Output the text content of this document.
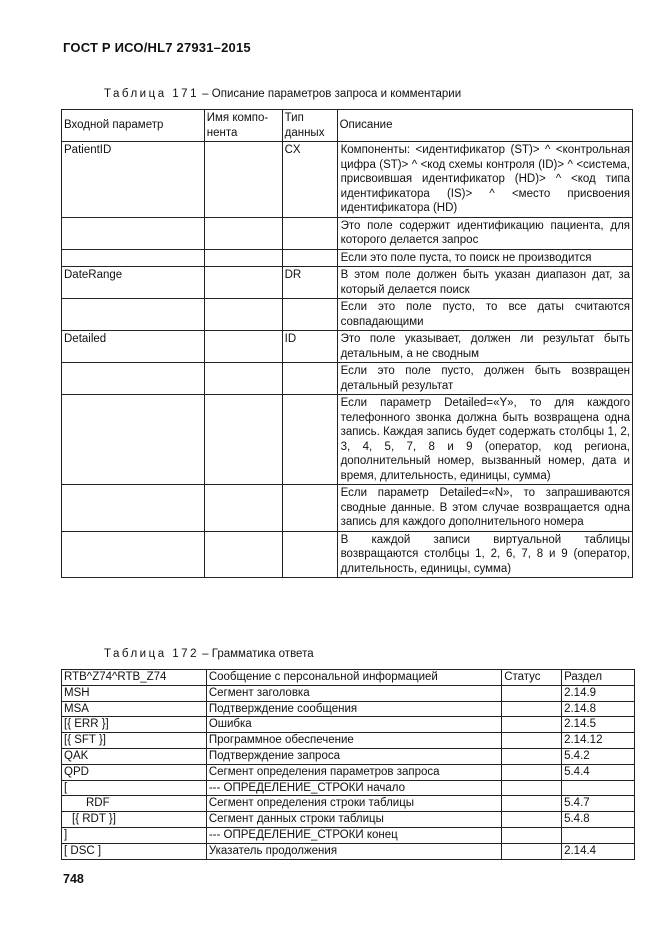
ГОСТ Р ИСО/HL7 27931–2015
Таблица 171 – Описание параметров запроса и комментарии
Входной параметр	Имя компо-нента	Тип данных	Описание
PatientID		CX	Компоненты: <идентификатор (ST)> ^ <контрольная цифра (ST)> ^ <код схемы контроля (ID)> ^ <система, присвоившая идентификатор (HD)> ^ <код типа идентификатора (IS)> ^ <место присвоения идентификатора (HD)
			Это поле содержит идентификацию пациента, для которого делается запрос
			Если это поле пуста, то поиск не производится
DateRange		DR	В этом поле должен быть указан диапазон дат, за который делается поиск
			Если это поле пусто, то все даты считаются совпадающими
Detailed		ID	Это поле указывает, должен ли результат быть детальным, а не сводным
			Если это поле пусто, должен быть возвращен детальный результат
			Если параметр Detailed=«Y», то для каждого телефонного звонка должна быть возвращена одна запись. Каждая запись будет содержать столбцы 1, 2, 3, 4, 5, 7, 8 и 9 (оператор, код региона, дополнительный номер, вызванный номер, дата и время, длительность, единицы, сумма)
			Если параметр Detailed=«N», то запрашиваются сводные данные. В этом случае возвращается одна запись для каждого дополнительного номера
			В каждой записи виртуальной таблицы возвращаются столбцы 1, 2, 6, 7, 8 и 9 (оператор, длительность, единицы, сумма)
Таблица 172 – Грамматика ответа
RTB^Z74^RTB_Z74	Сообщение с персональной информацией	Статус	Раздел
MSH	Сегмент заголовка		2.14.9
MSA	Подтверждение сообщения		2.14.8
[{ ERR }]	Ошибка		2.14.5
[{ SFT }]	Программное обеспечение		2.14.12
QAK	Подтверждение запроса		5.4.2
QPD	Сегмент определения параметров запроса		5.4.4
[	--- ОПРЕДЕЛЕНИЕ_СТРОКИ начало		
RDF	Сегмент определения строки таблицы		5.4.7
[{ RDT }]	Сегмент данных строки таблицы		5.4.8
]	--- ОПРЕДЕЛЕНИЕ_СТРОКИ конец		
[ DSC ]	Указатель продолжения		2.14.4
748
